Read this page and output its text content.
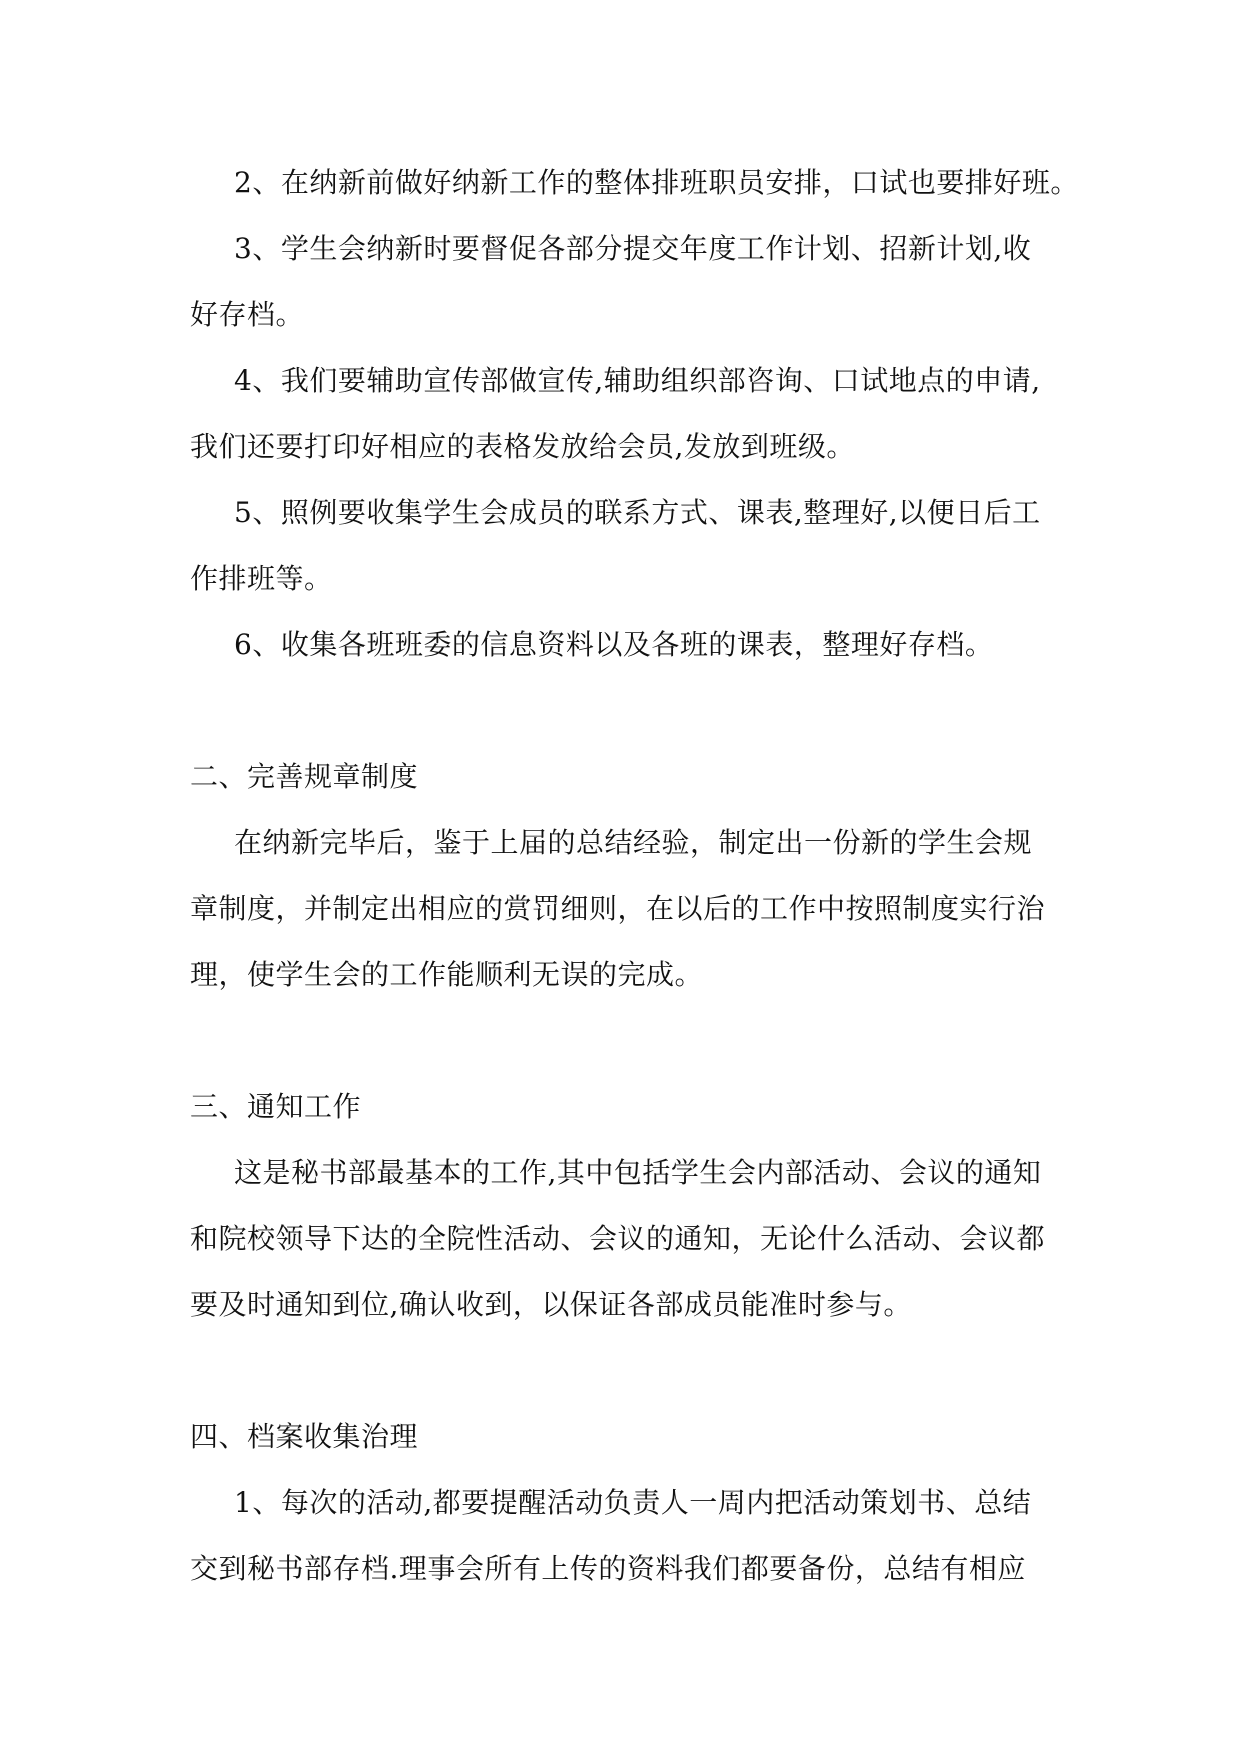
2、在纳新前做好纳新工作的整体排班职员安排，口试也要排好班。
3、学生会纳新时要督促各部分提交年度工作计划、招新计划,收
好存档。
4、我们要辅助宣传部做宣传,辅助组织部咨询、口试地点的申请,
我们还要打印好相应的表格发放给会员,发放到班级。
5、照例要收集学生会成员的联系方式、课表,整理好,以便日后工
作排班等。
6、收集各班班委的信息资料以及各班的课表，整理好存档。
二、完善规章制度
在纳新完毕后，鉴于上届的总结经验，制定出一份新的学生会规
章制度，并制定出相应的赏罚细则，在以后的工作中按照制度实行治
理，使学生会的工作能顺利无误的完成。
三、通知工作
这是秘书部最基本的工作,其中包括学生会内部活动、会议的通知
和院校领导下达的全院性活动、会议的通知，无论什么活动、会议都
要及时通知到位,确认收到，以保证各部成员能准时参与。
四、档案收集治理
1、每次的活动,都要提醒活动负责人一周内把活动策划书、总结
交到秘书部存档.理事会所有上传的资料我们都要备份，总结有相应
